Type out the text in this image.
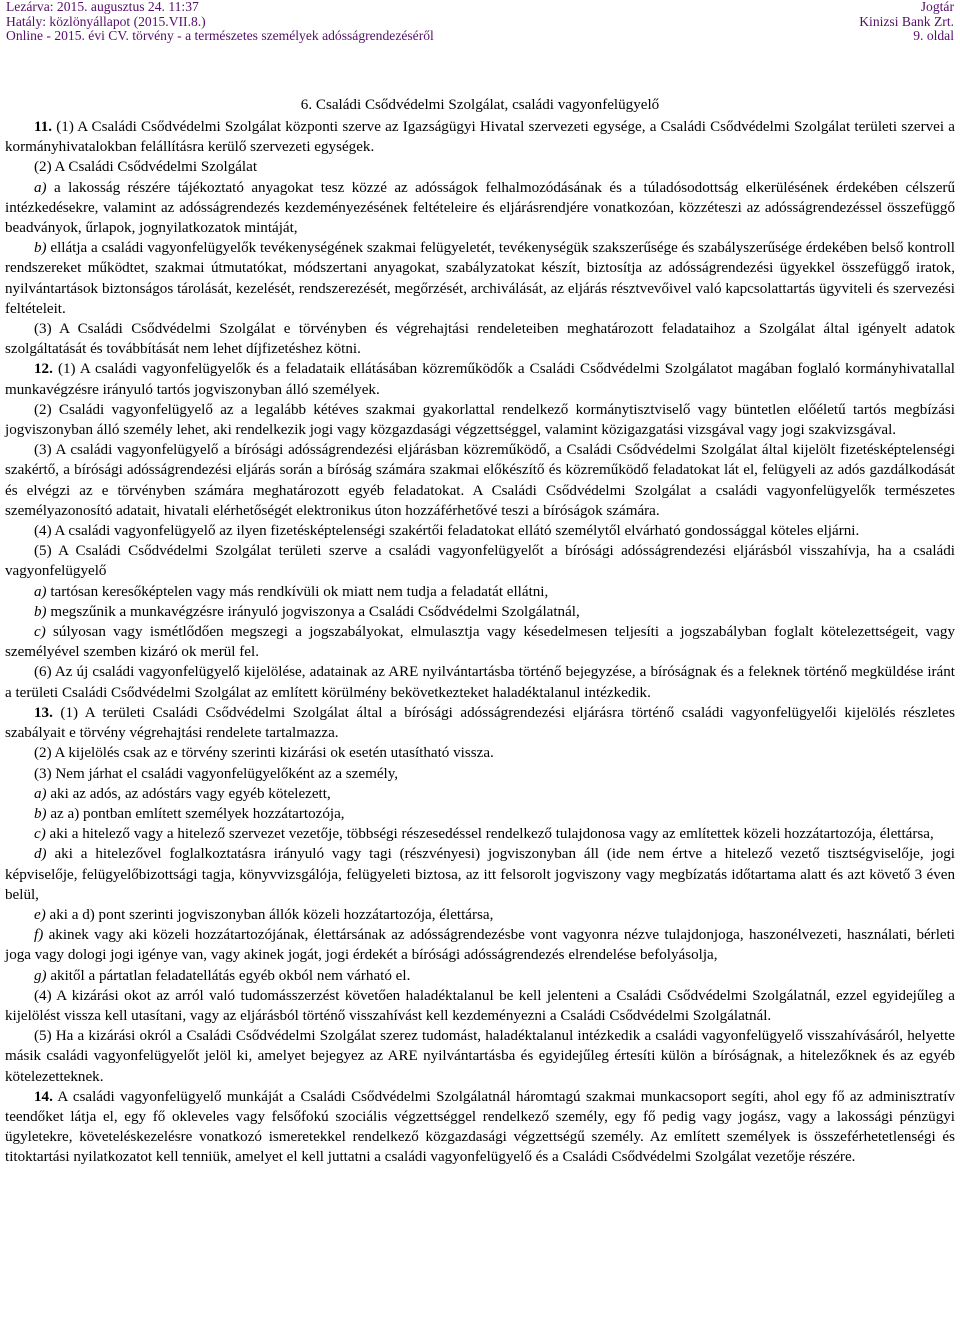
Lezárva: 2015. augusztus 24. 11:37
Hatály: közlönyállapot (2015.VII.8.)
Online - 2015. évi CV. törvény - a természetes személyek adósságrendezéséről
Jogtár
Kinizsi Bank Zrt.
9. oldal
6. Családi Csődvédelmi Szolgálat, családi vagyonfelügyelő

11. (1) A Családi Csődvédelmi Szolgálat központi szerve az Igazságügyi Hivatal szervezeti egysége, a Családi Csődvédelmi Szolgálat területi szervei a kormányhivatalokban felállításra kerülő szervezeti egységek.

(2) A Családi Csődvédelmi Szolgálat

a) a lakosság részére tájékoztató anyagokat tesz közzé az adósságok felhalmozódásának és a túladósodottság elkerülésének érdekében célszerű intézkedésekre, valamint az adósságrendezés kezdeményezésének feltételeire és eljárásrendjére vonatkozóan, közzéteszi az adósságrendezéssel összefüggő beadványok, űrlapok, jognyilatkozatok mintáját,

b) ellátja a családi vagyonfelügyelők tevékenységének szakmai felügyeletét, tevékenységük szakszerűsége és szabályszerűsége érdekében belső kontroll rendszereket működtet, szakmai útmutatókat, módszertani anyagokat, szabályzatokat készít, biztosítja az adósságrendezési ügyekkel összefüggő iratok, nyilvántartások biztonságos tárolását, kezelését, rendszerezését, megőrzését, archiválását, az eljárás résztvevőivel való kapcsolattartás ügyviteli és szervezési feltételeit.

(3) A Családi Csődvédelmi Szolgálat e törvényben és végrehajtási rendeleteiben meghatározott feladataihoz a Szolgálat által igényelt adatok szolgáltatását és továbbítását nem lehet díjfizetéshez kötni.

12. (1) A családi vagyonfelügyelők és a feladataik ellátásában közreműködők a Családi Csődvédelmi Szolgálatot magában foglaló kormányhivatallal munkavégzésre irányuló tartós jogviszonyban álló személyek.

(2) Családi vagyonfelügyelő az a legalább kétéves szakmai gyakorlattal rendelkező kormánytisztviselő vagy büntetlen előéletű tartós megbízási jogviszonyban álló személy lehet, aki rendelkezik jogi vagy közgazdasági végzettséggel, valamint közigazgatási vizsgával vagy jogi szakvizsgával.

(3) A családi vagyonfelügyelő a bírósági adósságrendezési eljárásban közreműködő, a Családi Csődvédelmi Szolgálat által kijelölt fizetésképtelenségi szakértő, a bírósági adósságrendezési eljárás során a bíróság számára szakmai előkészítő és közreműködő feladatokat lát el, felügyeli az adós gazdálkodását és elvégzi az e törvényben számára meghatározott egyéb feladatokat. A Családi Csődvédelmi Szolgálat a családi vagyonfelügyelők természetes személyazonosító adatait, hivatali elérhetőségét elektronikus úton hozzáférhetővé teszi a bíróságok számára.

(4) A családi vagyonfelügyelő az ilyen fizetésképtelenségi szakértői feladatokat ellátó személytől elvárható gondossággal köteles eljárni.

(5) A Családi Csődvédelmi Szolgálat területi szerve a családi vagyonfelügyelőt a bírósági adósságrendezési eljárásból visszahívja, ha a családi vagyonfelügyelő

a) tartósan keresőképtelen vagy más rendkívüli ok miatt nem tudja a feladatát ellátni,

b) megszűnik a munkavégzésre irányuló jogviszonya a Családi Csődvédelmi Szolgálatnál,

c) súlyosan vagy ismétlődően megszegi a jogszabályokat, elmulasztja vagy késedelmesen teljesíti a jogszabályban foglalt kötelezettségeit, vagy személyével szemben kizáró ok merül fel.

(6) Az új családi vagyonfelügyelő kijelölése, adatainak az ARE nyilvántartásba történő bejegyzése, a bíróságnak és a feleknek történő megküldése iránt a területi Családi Csődvédelmi Szolgálat az említett körülmény bekövetkezteket haladéktalanul intézkedik.

13. (1) A területi Családi Csődvédelmi Szolgálat által a bírósági adósságrendezési eljárásra történő családi vagyonfelügyelői kijelölés részletes szabályait e törvény végrehajtási rendelete tartalmazza.

(2) A kijelölés csak az e törvény szerinti kizárási ok esetén utasítható vissza.

(3) Nem járhat el családi vagyonfelügyelőként az a személy,

a) aki az adós, az adóstárs vagy egyéb kötelezett,

b) az a) pontban említett személyek hozzátartozója,

c) aki a hitelező vagy a hitelező szervezet vezetője, többségi részesedéssel rendelkező tulajdonosa vagy az említettek közeli hozzátartozója, élettársa,

d) aki a hitelezővel foglalkoztatásra irányuló vagy tagi (részvényesi) jogviszonyban áll (ide nem értve a hitelező vezető tisztségviselője, jogi képviselője, felügyelőbizottsági tagja, könyvvizsgálója, felügyeleti biztosa, az itt felsorolt jogviszony vagy megbízatás időtartama alatt és azt követő 3 éven belül,

e) aki a d) pont szerinti jogviszonyban állók közeli hozzátartozója, élettársa,

f) akinek vagy aki közeli hozzátartozójának, élettársának az adósságrendezésbe vont vagyonra nézve tulajdonjoga, haszonélvezeti, használati, bérleti joga vagy dologi jogi igénye van, vagy akinek jogát, jogi érdekét a bírósági adósságrendezés elrendelése befolyásolja,

g) akitől a pártatlan feladatellátás egyéb okból nem várható el.

(4) A kizárási okot az arról való tudomásszerzést követően haladéktalanul be kell jelenteni a Családi Csődvédelmi Szolgálatnál, ezzel egyidejűleg a kijelölést vissza kell utasítani, vagy az eljárásból történő visszahívást kell kezdeményezni a Családi Csődvédelmi Szolgálatnál.

(5) Ha a kizárási okról a Családi Csődvédelmi Szolgálat szerez tudomást, haladéktalanul intézkedik a családi vagyonfelügyelő visszahívásáról, helyette másik családi vagyonfelügyelőt jelöl ki, amelyet bejegyez az ARE nyilvántartásba és egyidejűleg értesíti külön a bíróságnak, a hitelezőknek és az egyéb kötelezetteknek.

14. A családi vagyonfelügyelő munkáját a Családi Csődvédelmi Szolgálatnál háromtagú szakmai munkacsoport segíti, ahol egy fő az adminisztratív teendőket látja el, egy fő okleveles vagy felsőfokú szociális végzettséggel rendelkező személy, egy fő pedig vagy jogász, vagy a lakossági pénzügyi ügyletekre, követeléskezelésre vonatkozó ismeretekkel rendelkező közgazdasági végzettségű személy. Az említett személyek is összeférhetetlenségi és titoktartási nyilatkozatot kell tenniük, amelyet el kell juttatni a családi vagyonfelügyelő és a Családi Csődvédelmi Szolgálat vezetője részére.
